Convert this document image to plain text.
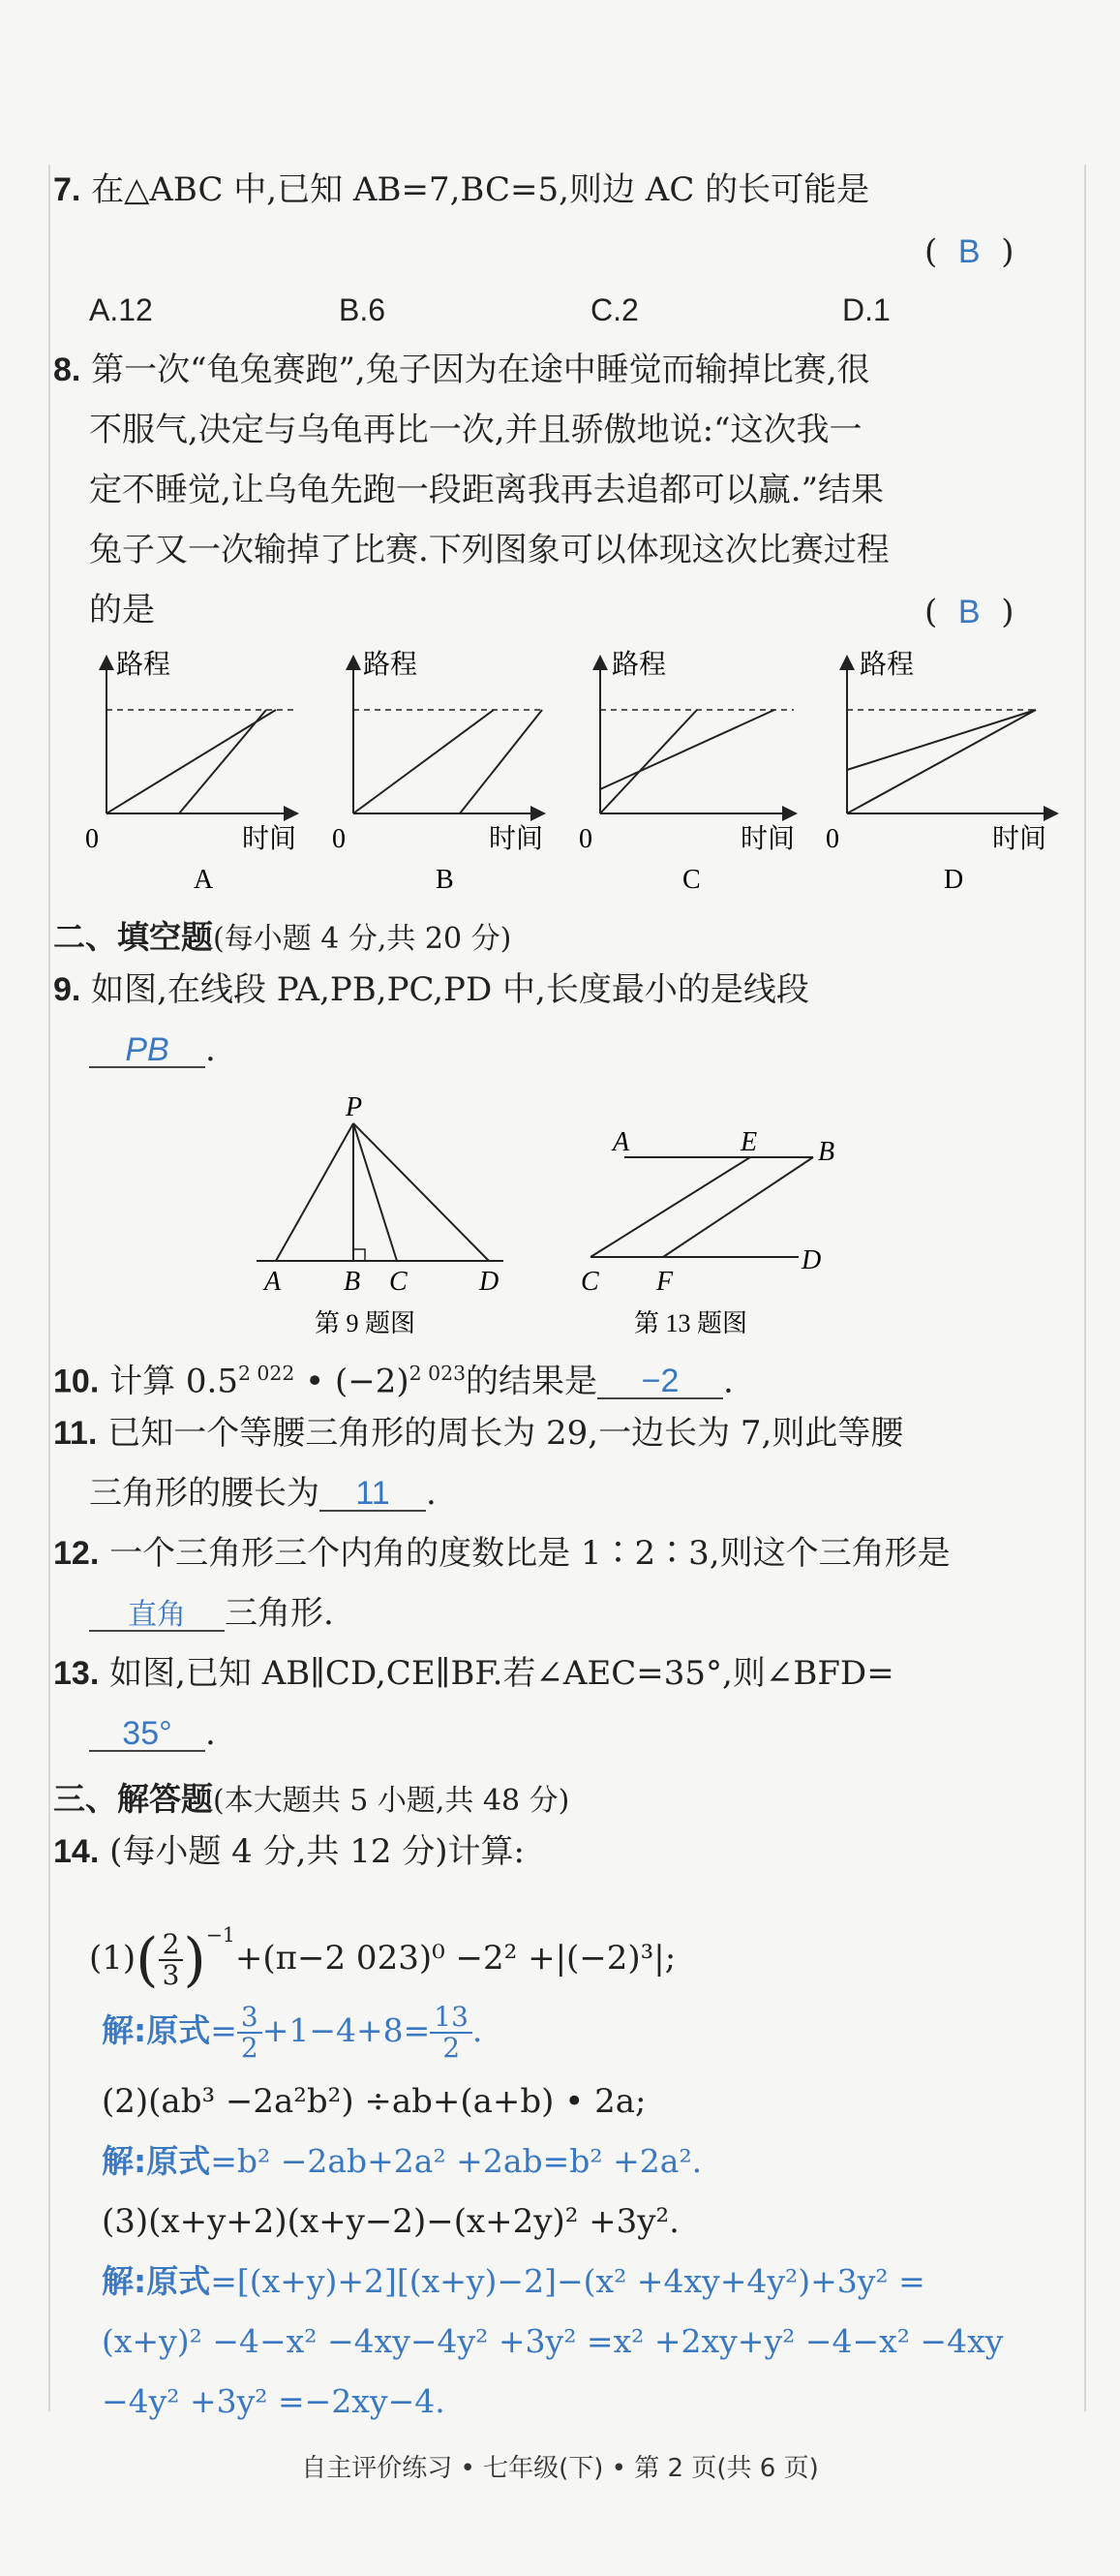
7. 在△ABC 中,已知 AB=7,BC=5,则边 AC 的长可能是
(  B  )
A.12	B.6	C.2	D.1
8. 第一次“龟兔赛跑”,兔子因为在途中睡觉而输掉比赛,很
不服气,决定与乌龟再比一次,并且骄傲地说:“这次我一
定不睡觉,让乌龟先跑一段距离我再去追都可以赢.”结果
兔子又一次输掉了比赛.下列图象可以体现这次比赛过程
的是	(  B  )
路程
0	时间
A
路程
0	时间
B
路程
0	时间
C
路程
0	时间
D
二、填空题(每小题 4 分,共 20 分)
9. 如图,在线段 PA,PB,PC,PD 中,长度最小的是线段
PB .
P
A B C	D
第 9 题图
A	E B
C F
D
第 13 题图
10. 计算 $0.5^{2 022}$ • $(-2)^{2 023}$的结果是 −2 .
11. 已知一个等腰三角形的周长为 29,一边长为 7,则此等腰
三角形的腰长为 11 .
12. 一个三角形三个内角的度数比是 1∶2∶3,则这个三角形是
直角 三角形.
13. 如图,已知 AB∥CD,CE∥BF.若∠AEC=35°,则∠BFD=
35° .
三、解答题(本大题共 5 小题,共 48 分)
14. (每小题 4 分,共 12 分)计算:
$(1)( \frac{2}{3} )^{-1}+(\pi-2$ 023)⁰ −2² +|(−2)³|;
解:原式= $\frac{3}{2} +1-4+8= \frac{13}{2}$ .
(2)(ab³ −2a²b²) ÷ab+(a+b) • 2a;
解:原式=b² −2ab+2a² +2ab=b² +2a².
(3)(x+y+2)(x+y−2)−(x+2y)² +3y².
解:原式=[(x+y)+2][(x+y)−2]−(x² +4xy+4y²)+3y² =
(x+y)² −4−x² −4xy−4y² +3y² =x² +2xy+y² −4−x² −4xy
−4y² +3y² =−2xy−4.
自主评价练习 • 七年级(下) • 第 2 页(共 6 页)
